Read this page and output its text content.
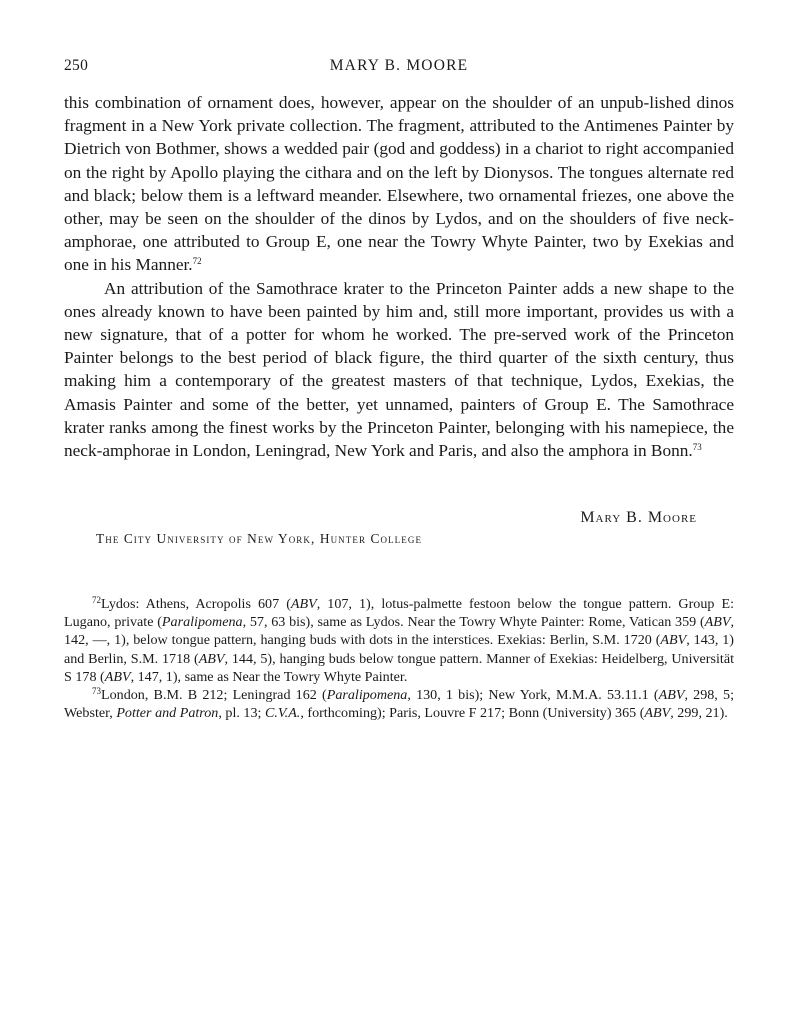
250	MARY B. MOORE

this combination of ornament does, however, appear on the shoulder of an unpub-lished dinos fragment in a New York private collection. The fragment, attributed to the Antimenes Painter by Dietrich von Bothmer, shows a wedded pair (god and goddess) in a chariot to right accompanied on the right by Apollo playing the cithara and on the left by Dionysos. The tongues alternate red and black; below them is a leftward meander. Elsewhere, two ornamental friezes, one above the other, may be seen on the shoulder of the dinos by Lydos, and on the shoulders of five neck-amphorae, one attributed to Group E, one near the Towry Whyte Painter, two by Exekias and one in his Manner.$^{72}$

An attribution of the Samothrace krater to the Princeton Painter adds a new shape to the ones already known to have been painted by him and, still more important, provides us with a new signature, that of a potter for whom he worked. The pre-served work of the Princeton Painter belongs to the best period of black figure, the third quarter of the sixth century, thus making him a contemporary of the greatest masters of that technique, Lydos, Exekias, the Amasis Painter and some of the better, yet unnamed, painters of Group E. The Samothrace krater ranks among the finest works by the Princeton Painter, belonging with his namepiece, the neck-amphorae in London, Leningrad, New York and Paris, and also the amphora in Bonn.$^{73}$

Mary B. Moore
The City University of New York, Hunter College

$^{72}$Lydos: Athens, Acropolis 607 (ABV, 107, 1), lotus-palmette festoon below the tongue pattern. Group E: Lugano, private (Paralipomena, 57, 63 bis), same as Lydos. Near the Towry Whyte Painter: Rome, Vatican 359 (ABV, 142, —, 1), below tongue pattern, hanging buds with dots in the interstices. Exekias: Berlin, S.M. 1720 (ABV, 143, 1) and Berlin, S.M. 1718 (ABV, 144, 5), hanging buds below tongue pattern. Manner of Exekias: Heidelberg, Universität S 178 (ABV, 147, 1), same as Near the Towry Whyte Painter.

$^{73}$London, B.M. B 212; Leningrad 162 (Paralipomena, 130, 1 bis); New York, M.M.A. 53.11.1 (ABV, 298, 5; Webster, Potter and Patron, pl. 13; C.V.A., forthcoming); Paris, Louvre F 217; Bonn (University) 365 (ABV, 299, 21).
